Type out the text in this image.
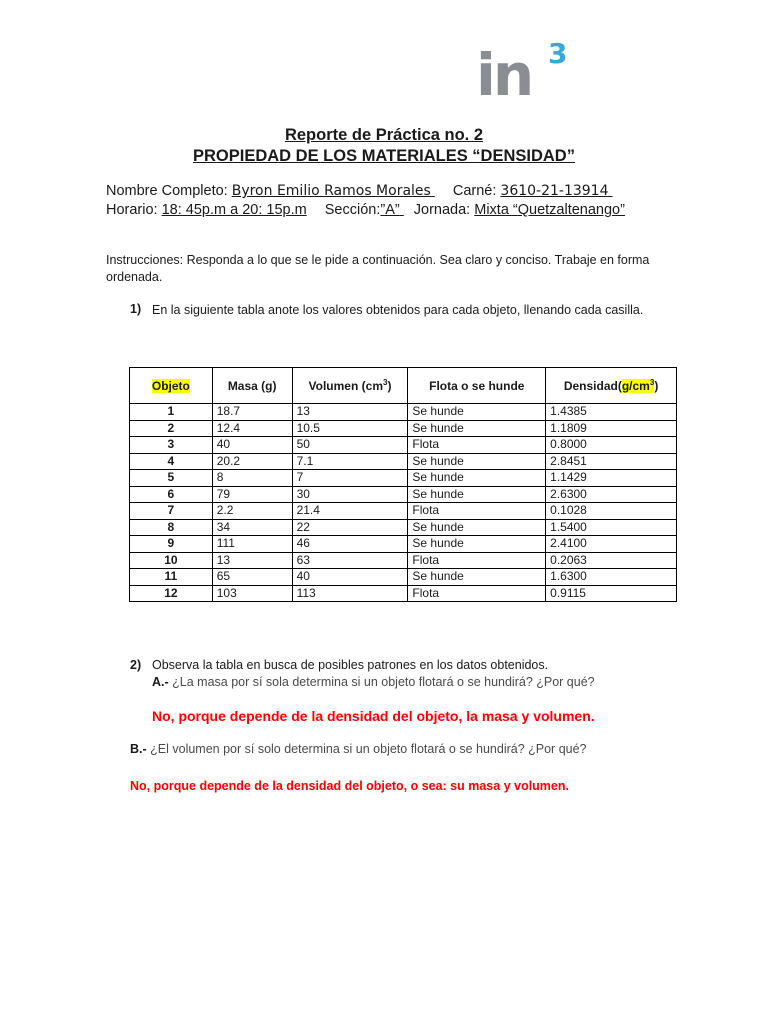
in 3
Reporte de Práctica no. 2
PROPIEDAD DE LOS MATERIALES “DENSIDAD”
Nombre Completo: Byron Emilio Ramos Morales Carné: 3610-21-13914
Horario: 18: 45p.m a 20: 15p.m Sección:”A” Jornada: Mixta “Quetzaltenango”
Instrucciones: Responda a lo que se le pide a continuación. Sea claro y conciso. Trabaje en forma ordenada.
1) En la siguiente tabla anote los valores obtenidos para cada objeto, llenando cada casilla.
Objeto	Masa (g)	Volumen $(cm^3)$	Flota o se hunde	$Densidad(g/cm^3)$
1	18.7	13	Se hunde	1.4385
2	12.4	10.5	Se hunde	1.1809
3	40	50	Flota	0.8000
4	20.2	7.1	Se hunde	2.8451
5	8	7	Se hunde	1.1429
6	79	30	Se hunde	2.6300
7	2.2	21.4	Flota	0.1028
8	34	22	Se hunde	1.5400
9	111	46	Se hunde	2.4100
10	13	63	Flota	0.2063
11	65	40	Se hunde	1.6300
12	103	113	Flota	0.9115
2) Observa la tabla en busca de posibles patrones en los datos obtenidos.
A.- ¿La masa por sí sola determina si un objeto flotará o se hundirá? ¿Por qué?
No, porque depende de la densidad del objeto, la masa y volumen.
B.- ¿El volumen por sí solo determina si un objeto flotará o se hundirá? ¿Por qué?
No, porque depende de la densidad del objeto, o sea: su masa y volumen.
